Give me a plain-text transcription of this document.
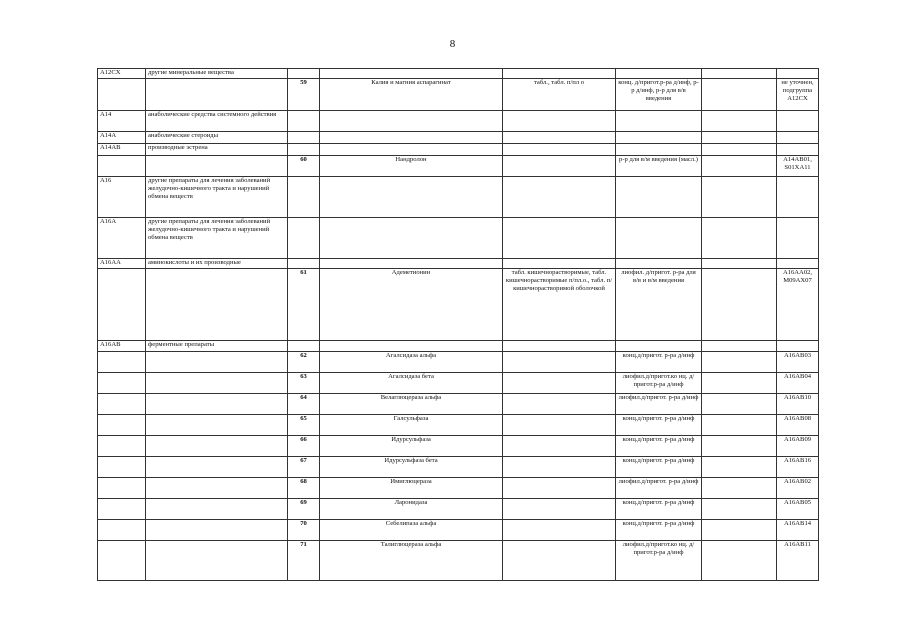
8
A12CX	другие минеральные вещества						
		59	Калия и магния аспарагинат	табл., табл. п/пл о	конц. д/пригот.р-ра д/инф, р-р д/инф, р-р для в/в введения		не уточнен, подгруппа A12CX
A14	анаболические средства системного действия						
A14A	анаболические стероиды						
A14AB	производные эстрена						
		60	Нандролон		р-р для в/м введения (масл.)		A14AB01, S01XA11
A16	другие препараты для лечения заболеваний желудочно-кишечного тракта и нарушений обмена веществ						
A16A	другие препараты для лечения заболеваний желудочно-кишечного тракта и нарушений обмена веществ						
A16AA	аминокислоты и их производные						
		61	Адеметионин	табл. кишечнорастворимые, табл. кишечнорастворимые п/пл.о., табл. п/кишечнорастворимой оболочкой	лиофил. д/пригот. р-ра для в/в и в/м введения		A16AA02, M09AX07
A16AB	ферментные препараты						
		62	Агалсидаза альфа		конц.д/пригот. р-ра д/инф		A16AB03
		63	Агалсидаза бета		лиофил.д/пригот.ко нц. д/пригот.р-ра д/инф		A16AB04
		64	Велаглюцераза альфа		лиофил.д/пригот. р-ра д/инф		A16AB10
		65	Галсульфаза		конц.д/пригот. р-ра д/инф		A16AB08
		66	Идурсульфаза		конц.д/пригот. р-ра д/инф		A16AB09
		67	Идурсульфаза бета		конц.д/пригот. р-ра д/инф		A16AB16
		68	Имиглюцераза		лиофил.д/пригот. р-ра д/инф		A16AB02
		69	Ларонидаза		конц.д/пригот. р-ра д/инф		A16AB05
		70	Себелипаза альфа		конц.д/пригот. р-ра д/инф		A16AB14
		71	Талиглюцераза альфа		лиофил.д/пригот.ко нц. д/пригот.р-ра д/инф		A16AB11
